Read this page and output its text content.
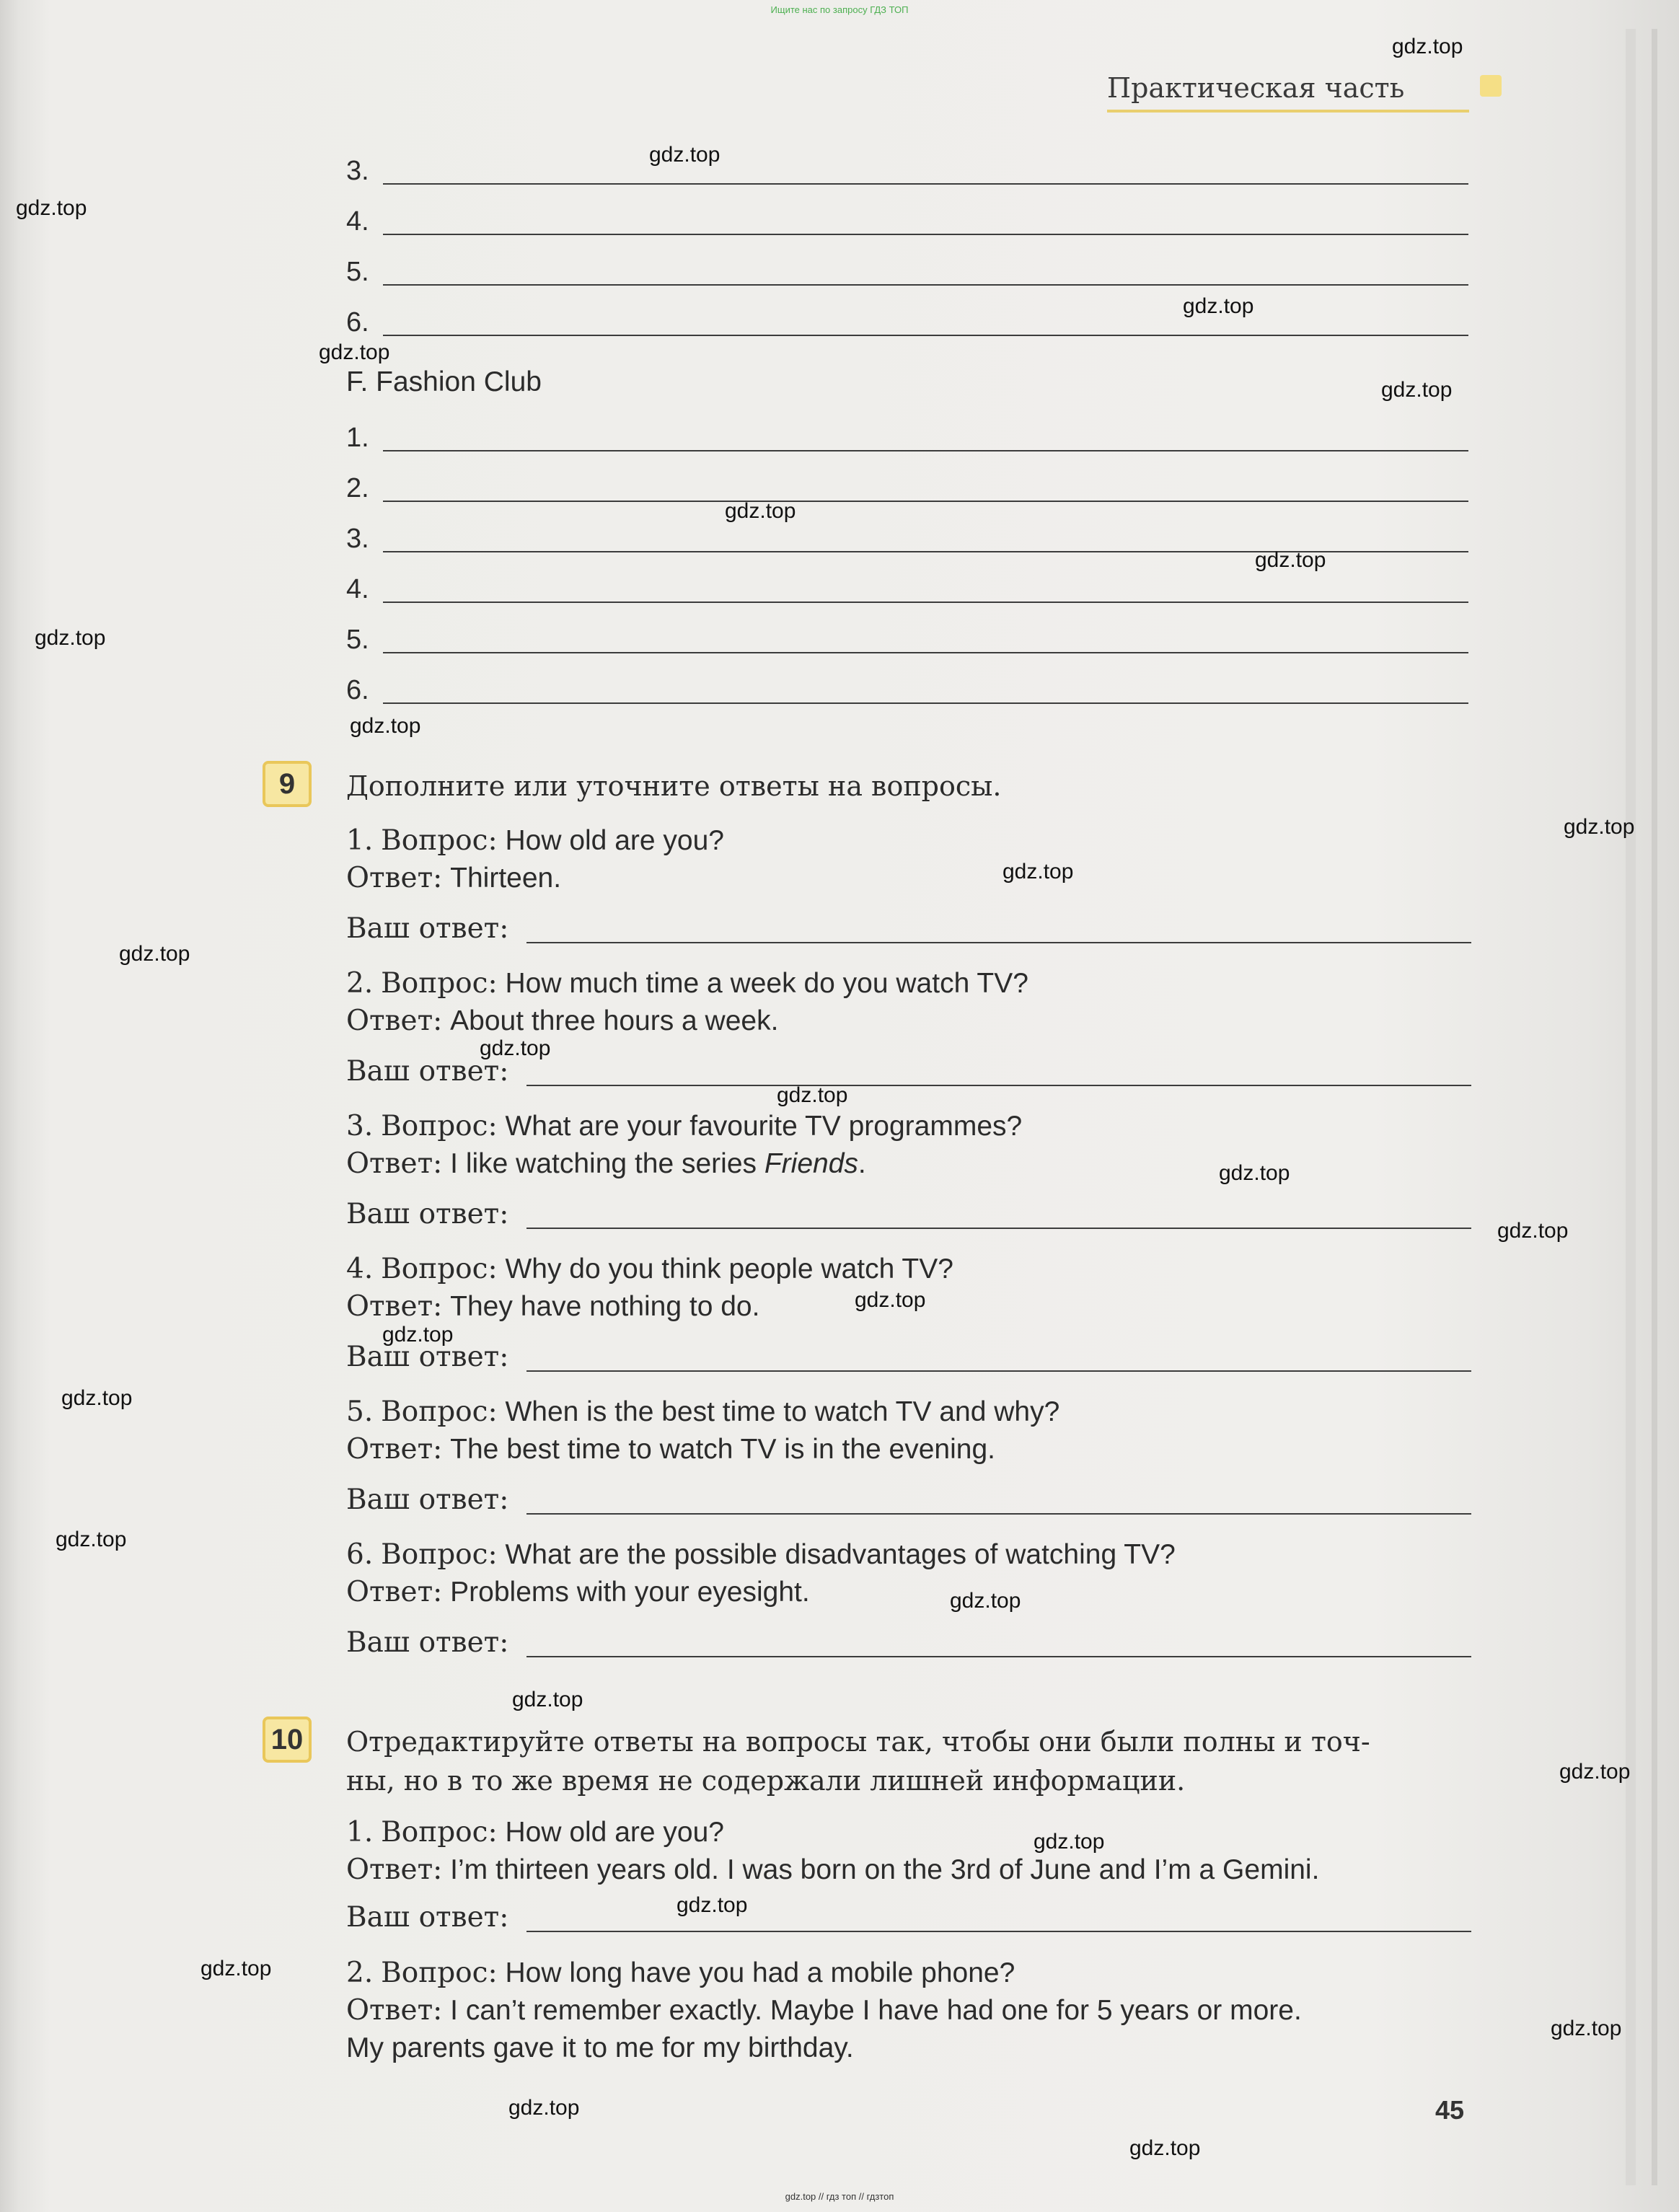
Ищите нас по запросу ГДЗ ТОП
Практическая часть
3.
4.
5.
6.
F. Fashion Club
1.
2.
3.
4.
5.
6.
9	Дополните или уточните ответы на вопросы.
1. Вопрос: How old are you?
Ответ: Thirteen.
Ваш ответ:
2. Вопрос: How much time a week do you watch TV?
Ответ: About three hours a week.
Ваш ответ:
3. Вопрос: What are your favourite TV programmes?
Ответ: I like watching the series Friends.
Ваш ответ:
4. Вопрос: Why do you think people watch TV?
Ответ: They have nothing to do.
Ваш ответ:
5. Вопрос: When is the best time to watch TV and why?
Ответ: The best time to watch TV is in the evening.
Ваш ответ:
6. Вопрос: What are the possible disadvantages of watching TV?
Ответ: Problems with your eyesight.
Ваш ответ:
10	Отредактируйте ответы на вопросы так, чтобы они были полны и точ-
ны, но в то же время не содержали лишней информации.
1. Вопрос: How old are you?
Ответ: I’m thirteen years old. I was born on the 3rd of June and I’m a Gemini.
Ваш ответ:
2. Вопрос: How long have you had a mobile phone?
Ответ: I can’t remember exactly. Maybe I have had one for 5 years or more.
My parents gave it to me for my birthday.
45
gdz.top // гдз топ // гдзтоп
gdz.top
gdz.top
gdz.top
gdz.top
gdz.top
gdz.top
gdz.top
gdz.top
gdz.top
gdz.top
gdz.top
gdz.top
gdz.top
gdz.top
gdz.top
gdz.top
gdz.top
gdz.top
gdz.top
gdz.top
gdz.top
gdz.top
gdz.top
gdz.top
gdz.top
gdz.top
gdz.top
gdz.top
gdz.top
gdz.top
